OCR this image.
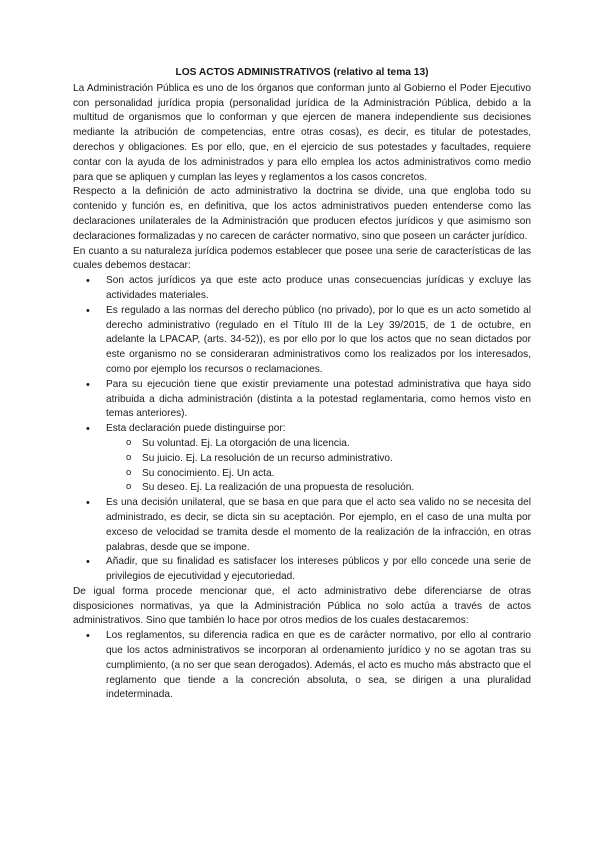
LOS ACTOS ADMINISTRATIVOS (relativo al tema 13)

La Administración Pública es uno de los órganos que conforman junto al Gobierno el Poder Ejecutivo con personalidad jurídica propia (personalidad jurídica de la Administración Pública, debido a la multitud de organismos que lo conforman y que ejercen de manera independiente sus decisiones mediante la atribución de competencias, entre otras cosas), es decir, es titular de potestades, derechos y obligaciones. Es por ello, que, en el ejercicio de sus potestades y facultades, requiere contar con la ayuda de los administrados y para ello emplea los actos administrativos como medio para que se apliquen y cumplan las leyes y reglamentos a los casos concretos.

Respecto a la definición de acto administrativo la doctrina se divide, una que engloba todo su contenido y función es, en definitiva, que los actos administrativos pueden entenderse como las declaraciones unilaterales de la Administración que producen efectos jurídicos y que asimismo son declaraciones formalizadas y no carecen de carácter normativo, sino que poseen un carácter jurídico.

En cuanto a su naturaleza jurídica podemos establecer que posee una serie de características de las cuales debemos destacar:

• Son actos jurídicos ya que este acto produce unas consecuencias jurídicas y excluye las actividades materiales.
• Es regulado a las normas del derecho público (no privado), por lo que es un acto sometido al derecho administrativo (regulado en el Título III de la Ley 39/2015, de 1 de octubre, en adelante la LPACAP, (arts. 34-52)), es por ello por lo que los actos que no sean dictados por este organismo no se consideraran administrativos como los realizados por los interesados, como por ejemplo los recursos o reclamaciones.
• Para su ejecución tiene que existir previamente una potestad administrativa que haya sido atribuida a dicha administración (distinta a la potestad reglamentaria, como hemos visto en temas anteriores).
• Esta declaración puede distinguirse por:
o Su voluntad. Ej. La otorgación de una licencia.
o Su juicio. Ej. La resolución de un recurso administrativo.
o Su conocimiento. Ej. Un acta.
o Su deseo. Ej. La realización de una propuesta de resolución.
• Es una decisión unilateral, que se basa en que para que el acto sea valido no se necesita del administrado, es decir, se dicta sin su aceptación. Por ejemplo, en el caso de una multa por exceso de velocidad se tramita desde el momento de la realización de la infracción, en otras palabras, desde que se impone.
• Añadir, que su finalidad es satisfacer los intereses públicos y por ello concede una serie de privilegios de ejecutividad y ejecutoriedad.

De igual forma procede mencionar que, el acto administrativo debe diferenciarse de otras disposiciones normativas, ya que la Administración Pública no solo actúa a través de actos administrativos. Sino que también lo hace por otros medios de los cuales destacaremos:

• Los reglamentos, su diferencia radica en que es de carácter normativo, por ello al contrario que los actos administrativos se incorporan al ordenamiento jurídico y no se agotan tras su cumplimiento, (a no ser que sean derogados). Además, el acto es mucho más abstracto que el reglamento que tiende a la concreción absoluta, o sea, se dirigen a una pluralidad indeterminada.
